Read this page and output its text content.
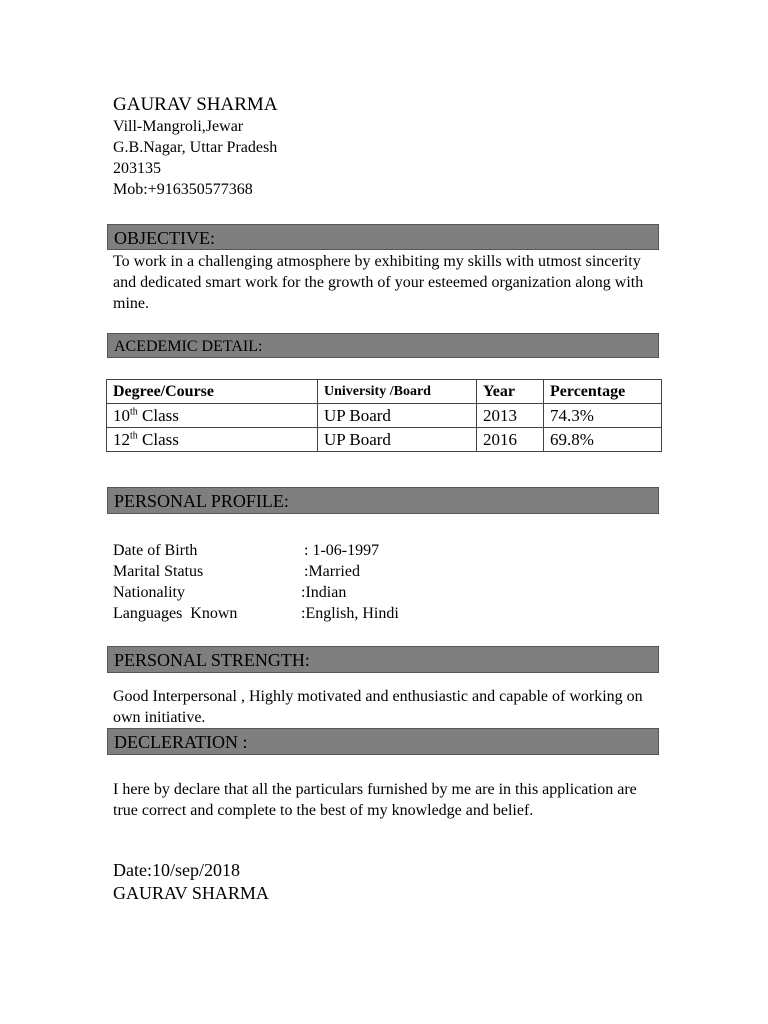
GAURAV SHARMA
Vill-Mangroli,Jewar
G.B.Nagar, Uttar Pradesh
203135
Mob:+916350577368
OBJECTIVE:
To work in a challenging atmosphere by exhibiting my skills with utmost sincerity and dedicated smart work for the growth of your esteemed organization along with mine.
ACEDEMIC DETAIL:
Degree/Course	University /Board	Year	Percentage
10th Class	UP Board	2013	74.3%
12th Class	UP Board	2016	69.8%
PERSONAL PROFILE:
Date of Birth	: 1-06-1997
Marital Status	:Married
Nationality	:Indian
Languages  Known	:English, Hindi
PERSONAL STRENGTH:
Good Interpersonal , Highly motivated and enthusiastic and capable of working on own initiative.
DECLERATION :
I here by declare that all the particulars furnished by me are in this application are true correct and complete to the best of my knowledge and belief.
Date:10/sep/2018
GAURAV SHARMA
